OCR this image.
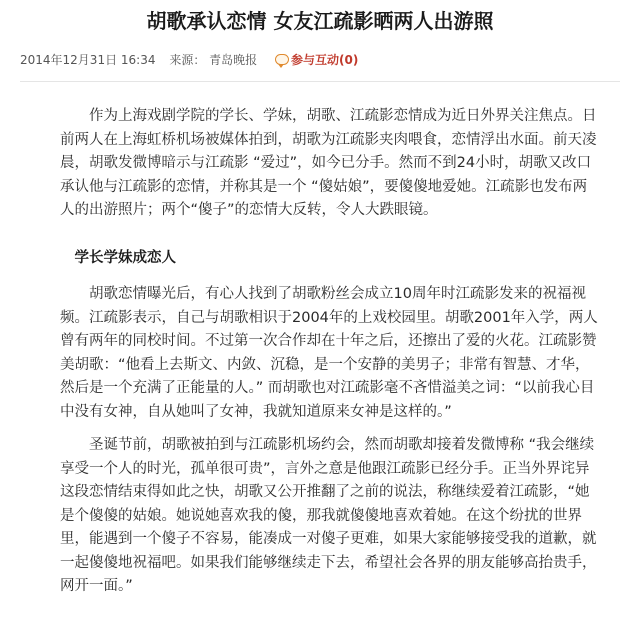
胡歌承认恋情 女友江疏影晒两人出游照
2014年12月31日 16:34 来源： 青岛晚报	参与互动(0)

作为上海戏剧学院的学长、学妹，胡歌、江疏影恋情成为近日外界关注焦点。日前两人在上海虹桥机场被媒体拍到，胡歌为江疏影夹肉喂食，恋情浮出水面。前天凌晨，胡歌发微博暗示与江疏影 “爱过”，如今已分手。然而不到24小时，胡歌又改口承认他与江疏影的恋情，并称其是一个 “傻姑娘”，要傻傻地爱她。江疏影也发布两人的出游照片；两个“傻子”的恋情大反转，令人大跌眼镜。

学长学妹成恋人

胡歌恋情曝光后，有心人找到了胡歌粉丝会成立10周年时江疏影发来的祝福视频。江疏影表示，自己与胡歌相识于2004年的上戏校园里。胡歌2001年入学，两人曾有两年的同校时间。不过第一次合作却在十年之后，还擦出了爱的火花。江疏影赞美胡歌：“他看上去斯文、内敛、沉稳，是一个安静的美男子；非常有智慧、才华，然后是一个充满了正能量的人。” 而胡歌也对江疏影毫不吝惜溢美之词：“以前我心目中没有女神，自从她叫了女神，我就知道原来女神是这样的。”

圣诞节前，胡歌被拍到与江疏影机场约会，然而胡歌却接着发微博称 “我会继续享受一个人的时光，孤单很可贵”，言外之意是他跟江疏影已经分手。正当外界诧异这段恋情结束得如此之快，胡歌又公开推翻了之前的说法，称继续爱着江疏影，“她是个傻傻的姑娘。她说她喜欢我的傻，那我就傻傻地喜欢着她。在这个纷扰的世界里，能遇到一个傻子不容易，能凑成一对傻子更难，如果大家能够接受我的道歉，就一起傻傻地祝福吧。如果我们能够继续走下去，希望社会各界的朋友能够高抬贵手，网开一面。”
